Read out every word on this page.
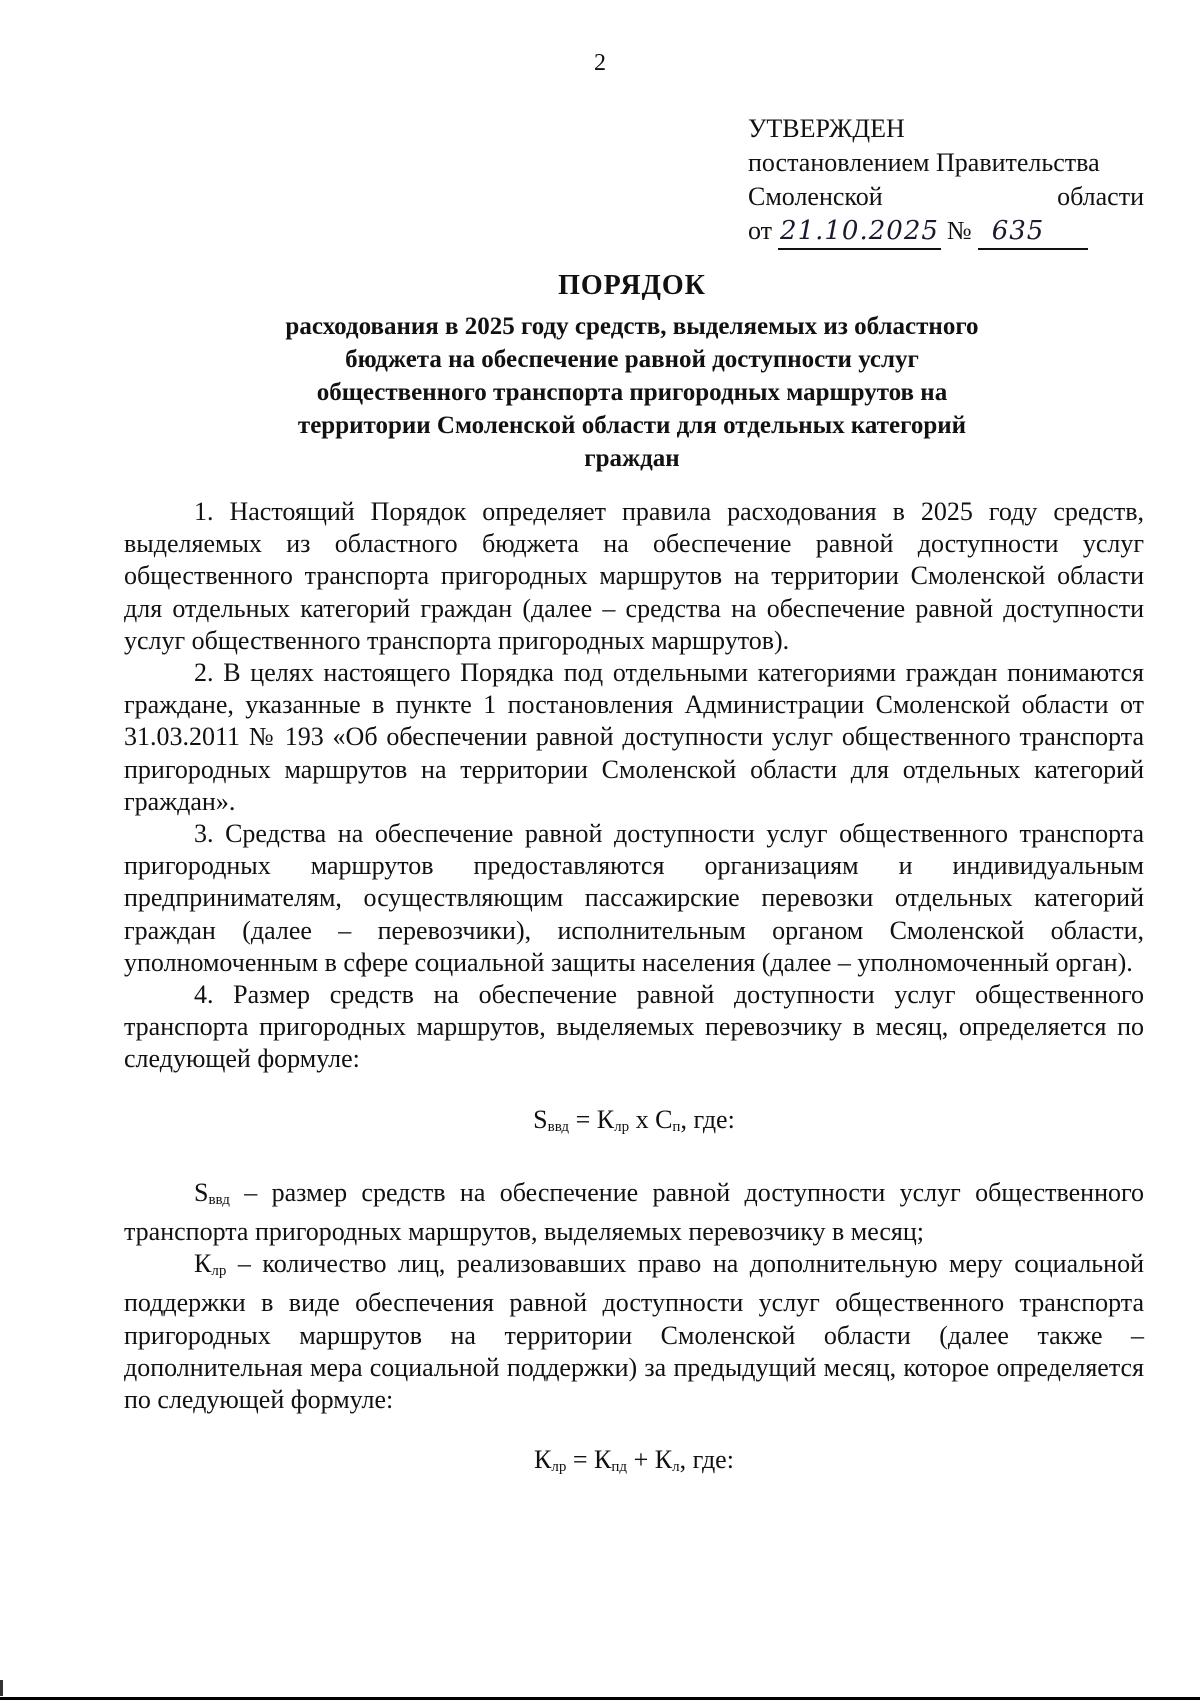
2
УТВЕРЖДЕН
постановлением Правительства
Смоленской	области
от 21.10.2025 № 635
ПОРЯДОК
расходования в 2025 году средств, выделяемых из областного бюджета на обеспечение равной доступности услуг общественного транспорта пригородных маршрутов на территории Смоленской области для отдельных категорий граждан

1. Настоящий Порядок определяет правила расходования в 2025 году средств, выделяемых из областного бюджета на обеспечение равной доступности услуг общественного транспорта пригородных маршрутов на территории Смоленской области для отдельных категорий граждан (далее – средства на обеспечение равной доступности услуг общественного транспорта пригородных маршрутов).

2. В целях настоящего Порядка под отдельными категориями граждан понимаются граждане, указанные в пункте 1 постановления Администрации Смоленской области от 31.03.2011 № 193 «Об обеспечении равной доступности услуг общественного транспорта пригородных маршрутов на территории Смоленской области для отдельных категорий граждан».

3. Средства на обеспечение равной доступности услуг общественного транспорта пригородных маршрутов предоставляются организациям и индивидуальным предпринимателям, осуществляющим пассажирские перевозки отдельных категорий граждан (далее – перевозчики), исполнительным органом Смоленской области, уполномоченным в сфере социальной защиты населения (далее – уполномоченный орган).

4. Размер средств на обеспечение равной доступности услуг общественного транспорта пригородных маршрутов, выделяемых перевозчику в месяц, определяется по следующей формуле:

$S_{ввд} = К_{лр}$ х $С_п$, где:

$S_{ввд}$ – размер средств на обеспечение равной доступности услуг общественного транспорта пригородных маршрутов, выделяемых перевозчику в месяц;

$К_{лр}$ – количество лиц, реализовавших право на дополнительную меру социальной поддержки в виде обеспечения равной доступности услуг общественного транспорта пригородных маршрутов на территории Смоленской области (далее также – дополнительная мера социальной поддержки) за предыдущий месяц, которое определяется по следующей формуле:

$К_{лр} = К_{пд} + К_л$, где:
